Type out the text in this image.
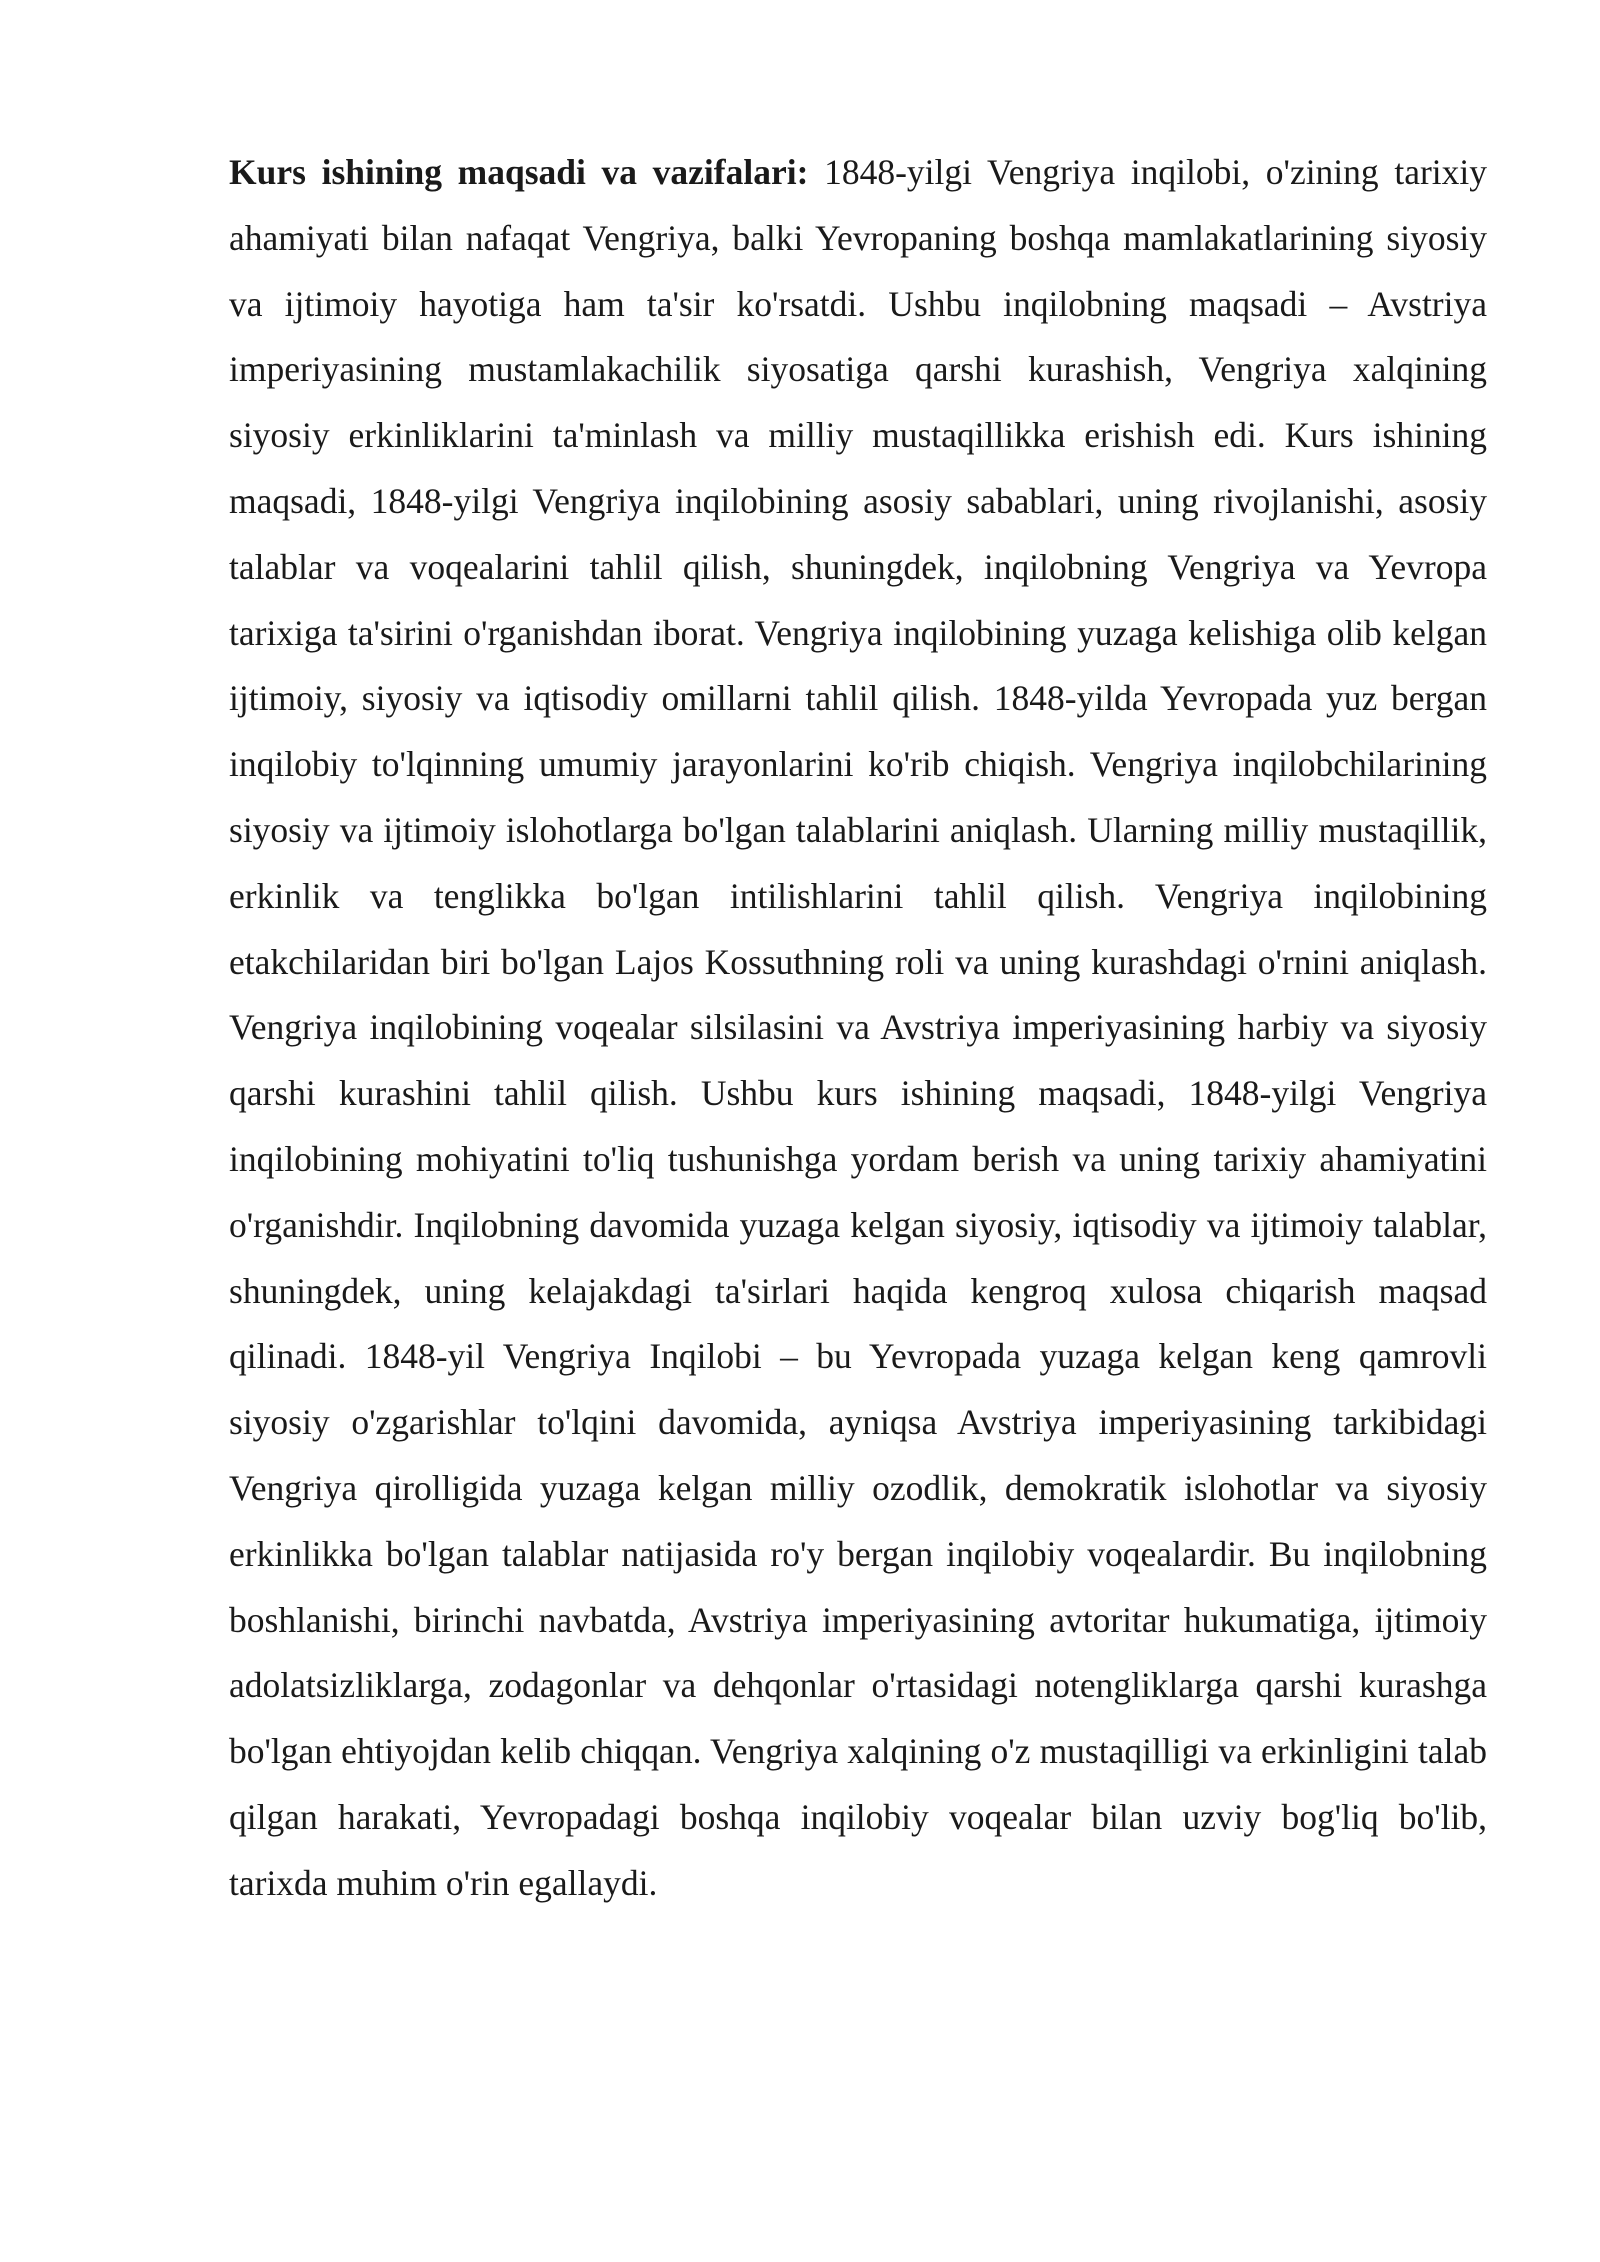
Kurs ishining maqsadi va vazifalari: 1848-yilgi Vengriya inqilobi, o'zining tarixiy ahamiyati bilan nafaqat Vengriya, balki Yevropaning boshqa mamlakatlarining siyosiy va ijtimoiy hayotiga ham ta'sir ko'rsatdi. Ushbu inqilobning maqsadi – Avstriya imperiyasining mustamlakachilik siyosatiga qarshi kurashish, Vengriya xalqining siyosiy erkinliklarini ta'minlash va milliy mustaqillikka erishish edi. Kurs ishining maqsadi, 1848-yilgi Vengriya inqilobining asosiy sabablari, uning rivojlanishi, asosiy talablar va voqealarini tahlil qilish, shuningdek, inqilobning Vengriya va Yevropa tarixiga ta'sirini o'rganishdan iborat. Vengriya inqilobining yuzaga kelishiga olib kelgan ijtimoiy, siyosiy va iqtisodiy omillarni tahlil qilish. 1848-yilda Yevropada yuz bergan inqilobiy to'lqinning umumiy jarayonlarini ko'rib chiqish. Vengriya inqilobchilarining siyosiy va ijtimoiy islohotlarga bo'lgan talablarini aniqlash. Ularning milliy mustaqillik, erkinlik va tenglikka bo'lgan intilishlarini tahlil qilish. Vengriya inqilobining etakchilaridan biri bo'lgan Lajos Kossuthning roli va uning kurashdagi o'rnini aniqlash. Vengriya inqilobining voqealar silsilasini va Avstriya imperiyasining harbiy va siyosiy qarshi kurashini tahlil qilish. Ushbu kurs ishining maqsadi, 1848-yilgi Vengriya inqilobining mohiyatini to'liq tushunishga yordam berish va uning tarixiy ahamiyatini o'rganishdir. Inqilobning davomida yuzaga kelgan siyosiy, iqtisodiy va ijtimoiy talablar, shuningdek, uning kelajakdagi ta'sirlari haqida kengroq xulosa chiqarish maqsad qilinadi. 1848-yil Vengriya Inqilobi – bu Yevropada yuzaga kelgan keng qamrovli siyosiy o'zgarishlar to'lqini davomida, ayniqsa Avstriya imperiyasining tarkibidagi Vengriya qirolligida yuzaga kelgan milliy ozodlik, demokratik islohotlar va siyosiy erkinlikka bo'lgan talablar natijasida ro'y bergan inqilobiy voqealardir. Bu inqilobning boshlanishi, birinchi navbatda, Avstriya imperiyasining avtoritar hukumatiga, ijtimoiy adolatsizliklarga, zodagonlar va dehqonlar o'rtasidagi notengliklarga qarshi kurashga bo'lgan ehtiyojdan kelib chiqqan. Vengriya xalqining o'z mustaqilligi va erkinligini talab qilgan harakati, Yevropadagi boshqa inqilobiy voqealar bilan uzviy bog'liq bo'lib, tarixda muhim o'rin egallaydi.
